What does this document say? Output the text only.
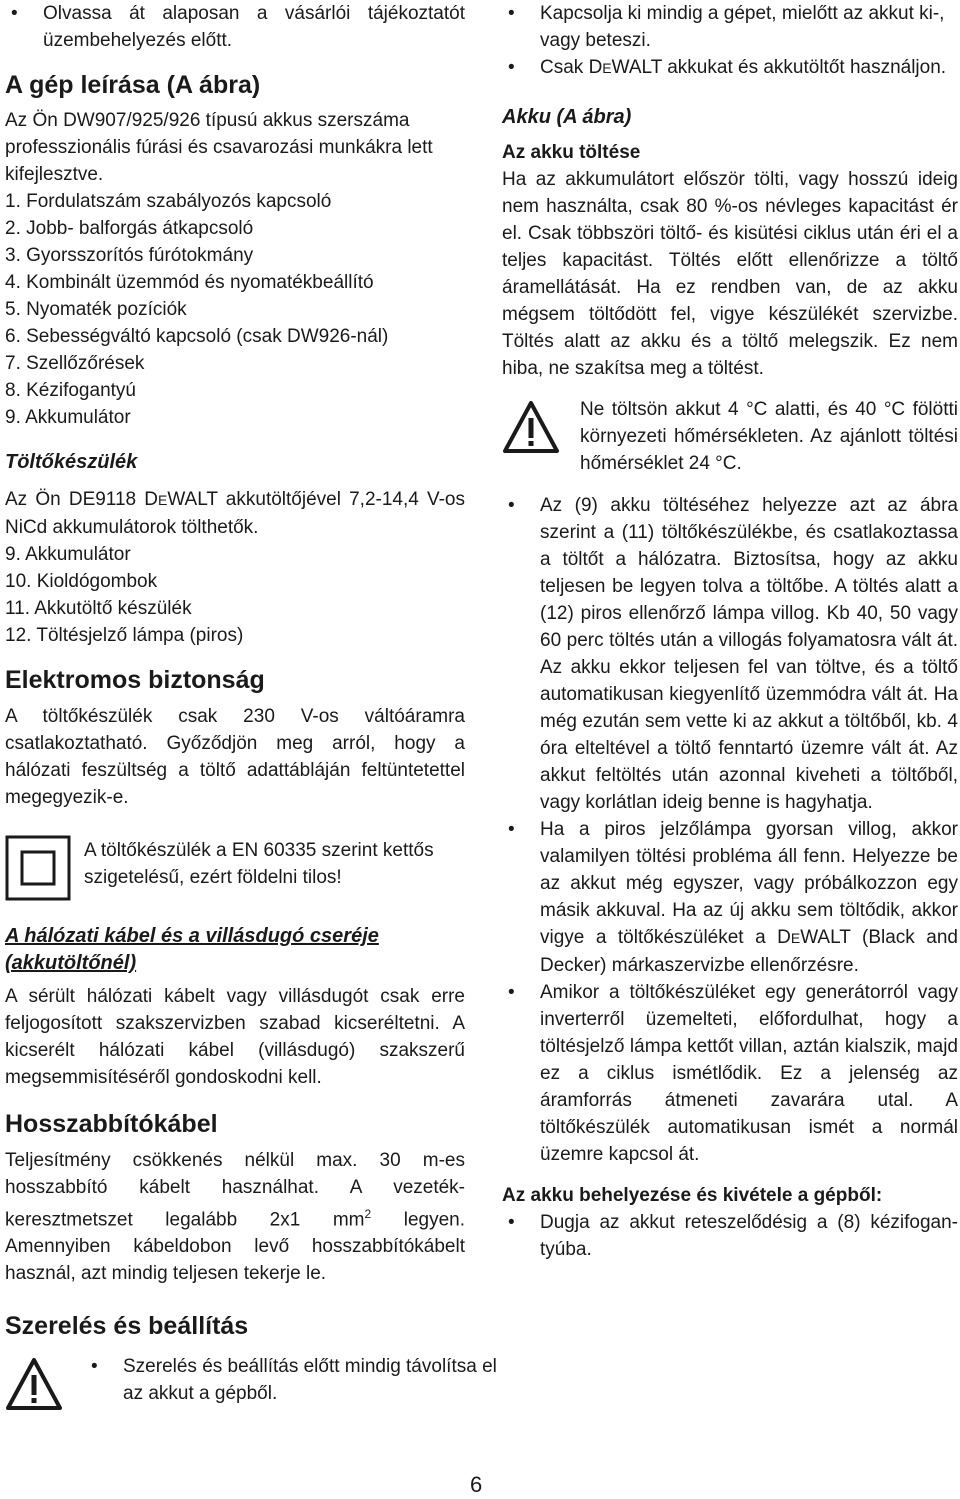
• Olvassa át alaposan a vásárlói tájékoztatót üzembehelyezés előtt.

A gép leírása (A ábra)

Az Ön DW907/925/926 típusú akkus szerszáma professzionális fúrási és csavarozási munkákra lett kifejlesztve.

1. Fordulatszám szabályozós kapcsoló

2. Jobb- balforgás átkapcsoló

3. Gyorsszorítós fúrótokmány

4. Kombinált üzemmód és nyomatékbeállító

5. Nyomaték pozíciók

6. Sebességváltó kapcsoló (csak DW926-nál)

7. Szellőzőrések

8. Kézifogantyú

9. Akkumulátor

Töltőkészülék

Az Ön DE9118 DEWALT akkutöltőjével 7,2-14,4 V-os NiCd akkumulátorok tölthetők.

9. Akkumulátor

10. Kioldógombok

11. Akkutöltő készülék

12. Töltésjelző lámpa (piros)

Elektromos biztonság

A töltőkészülék csak 230 V-os váltóáramra csatlakoztatható. Győződjön meg arról, hogy a hálózati feszültség a töltő adattábláján feltüntetettel megegyezik-e.

A töltőkészülék a EN 60335 szerint kettős szigetelésű, ezért földelni tilos!

A hálózati kábel és a villásdugó cseréje (akkutöltőnél)

A sérült hálózati kábelt vagy villásdugót csak erre feljogosított szakszervizben szabad kicseréltetni. A kicserélt hálózati kábel (villásdugó) szakszerű megsemmisítéséről gondoskodni kell.

Hosszabbítókábel

Teljesítmény csökkenés nélkül max. 30 m-es hosszabbító kábelt használhat. A vezeték-keresztmetszet legalább 2x1 $mm^2$ legyen. Amennyiben kábeldobon levő hosszabbítókábelt használ, azt mindig teljesen tekerje le.

Szerelés és beállítás

• Szerelés és beállítás előtt mindig távolítsa el az akkut a gépből.

• Kapcsolja ki mindig a gépet, mielőtt az akkut ki-, vagy beteszi.

• Csak DEWALT akkukat és akkutöltőt használjon.

Akku (A ábra)

Az akku töltése

Ha az akkumulátort először tölti, vagy hosszú ideig nem használta, csak 80 %-os névleges kapacitást ér el. Csak többszöri töltő- és kisütési ciklus után éri el a teljes kapacitást. Töltés előtt ellenőrizze a töltő áramellátását. Ha ez rendben van, de az akku mégsem töltődött fel, vigye készülékét szervizbe. Töltés alatt az akku és a töltő melegszik. Ez nem hiba, ne szakítsa meg a töltést.

Ne töltsön akkut 4 °C alatti, és 40 °C fölötti környezeti hőmérsékleten. Az ajánlott töltési hőmérséklet 24 °C.

• Az (9) akku töltéséhez helyezze azt az ábra szerint a (11) töltőkészülékbe, és csatlakoztassa a töltőt a hálózatra. Biztosítsa, hogy az akku teljesen be legyen tolva a töltőbe. A töltés alatt a (12) piros ellenőrző lámpa villog. Kb 40, 50 vagy 60 perc töltés után a villogás folyamatosra vált át. Az akku ekkor teljesen fel van töltve, és a töltő automatikusan kiegyenlítő üzemmódra vált át. Ha még ezután sem vette ki az akkut a töltőből, kb. 4 óra elteltével a töltő fenntartó üzemre vált át. Az akkut feltöltés után azonnal kiveheti a töltőből, vagy korlátlan ideig benne is hagyhatja.

• Ha a piros jelzőlámpa gyorsan villog, akkor valamilyen töltési probléma áll fenn. Helyezze be az akkut még egyszer, vagy próbálkozzon egy másik akkuval. Ha az új akku sem töltődik, akkor vigye a töltőkészüléket a DEWALT (Black and Decker) márkaszervizbe ellenőrzésre.

• Amikor a töltőkészüléket egy generátorról vagy inverterről üzemelteti, előfordulhat, hogy a töltésjelző lámpa kettőt villan, aztán kialszik, majd ez a ciklus ismétlődik. Ez a jelenség az áramforrás átmeneti zavarára utal. A töltőkészülék automatikusan ismét a normál üzemre kapcsol át.

Az akku behelyezése és kivétele a gépből:

• Dugja az akkut reteszelődésig a (8) kézifogan-tyúba.

6
